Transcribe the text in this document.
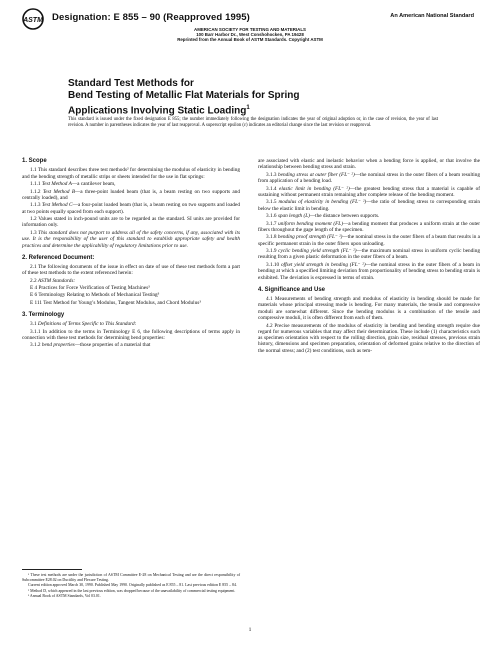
ASTM Designation: E 855 – 90 (Reapproved 1995)	An American National Standard
AMERICAN SOCIETY FOR TESTING AND MATERIALS
100 Barr Harbor Dr., West Conshohocken, PA 19428
Reprinted from the Annual Book of ASTM Standards. Copyright ASTM
Standard Test Methods for
Bend Testing of Metallic Flat Materials for Spring
Applications Involving Static Loading$^1$
This standard is issued under the fixed designation E 855; the number immediately following the designation indicates the year of original adoption or, in the case of revision, the year of last revision. A number in parentheses indicates the year of last reapproval. A superscript epsilon (ε) indicates an editorial change since the last revision or reapproval.
1. Scope

1.1 This standard describes three test methods² for determining the modulus of elasticity in bending and the bending strength of metallic strips or sheets intended for the use in flat springs:

1.1.1 Test Method A—a cantilever beam,

1.1.2 Test Method B—a three-point loaded beam (that is, a beam resting on two supports and centrally loaded), and

1.1.3 Test Method C—a four-point loaded beam (that is, a beam resting on two supports and loaded at two points equally spaced from each support).

1.2 Values stated in inch-pound units are to be regarded as the standard. SI units are provided for information only.

1.3 This standard does not purport to address all of the safety concerns, if any, associated with its use. It is the responsibility of the user of this standard to establish appropriate safety and health practices and determine the applicability of regulatory limitations prior to use.

2. Referenced Document:

2.1 The following documents of the issue in effect on date of use of these test methods form a part of these test methods to the extent referenced herein:

2.2 ASTM Standards:

E 4 Practices for Force Verification of Testing Machines³

E 6 Terminology Relating to Methods of Mechanical Testing³

E 111 Test Method for Young’s Modulus, Tangent Modulus, and Chord Modulus³

3. Terminology

3.1 Definitions of Terms Specific to This Standard:

3.1.1 In addition to the terms in Terminology E 6, the following descriptions of terms apply in connection with these test methods for determining bend properties:

3.1.2 bend properties—those properties of a material that

¹ These test methods are under the jurisdiction of ASTM Committee E-28 on Mechanical Testing and are the direct responsibility of Subcommittee E28.02 on Ductility and Flexure Testing.

Current edition approved March 30, 1990. Published May 1990. Originally published as E 855 – 81. Last previous edition E 855 – 84.

² Method D, which appeared in the last previous edition, was dropped because of the unavailability of commercial testing equipment.

³ Annual Book of ASTM Standards, Vol 03.01.

are associated with elastic and inelastic behavior when a bending force is applied, or that involve the relationship between bending stress and strain.

3.1.3 bending stress at outer fiber (FL⁻ ²)—the nominal stress in the outer fibers of a beam resulting from application of a bending load.

3.1.4 elastic limit in bending (FL⁻ ²)—the greatest bending stress that a material is capable of sustaining without permanent strain remaining after complete release of the bending moment.

3.1.5 modulus of elasticity in bending (FL⁻ ²)—the ratio of bending stress to corresponding strain below the elastic limit in bending.

3.1.6 span length (L)—the distance between supports.

3.1.7 uniform bending moment (FL)—a bending moment that produces a uniform strain at the outer fibers throughout the gage length of the specimen.

3.1.8 bending proof strength (FL⁻ ²)—the nominal stress in the outer fibers of a beam that results in a specific permanent strain in the outer fibers upon unloading.

3.1.9 cyclic bending yield strength (FL⁻ ²)—the maximum nominal stress in uniform cyclic bending resulting from a given plastic deformation in the outer fibers of a beam.

3.1.10 offset yield strength in bending (FL⁻ ²)—the nominal stress in the outer fibers of a beam in bending at which a specified limiting deviation from proportionality of bending stress to bending strain is exhibited. The deviation is expressed in terms of strain.

4. Significance and Use

4.1 Measurements of bending strength and modulus of elasticity in bending should be made for materials whose principal stressing mode is bending. For many materials, the tensile and compressive moduli are somewhat different. Since the bending modulus is a combination of the tensile and compressive moduli, it is often different from each of them.

4.2 Precise measurements of the modulus of elasticity in bending and bending strength require due regard for numerous variables that may affect their determination. These include (1) characteristics such as specimen orientation with respect to the rolling direction, grain size, residual stresses, previous strain history, dimensions and specimen preparation, orientation of deformed grains relative to the direction of the normal stress; and (2) test conditions, such as tem-

1
